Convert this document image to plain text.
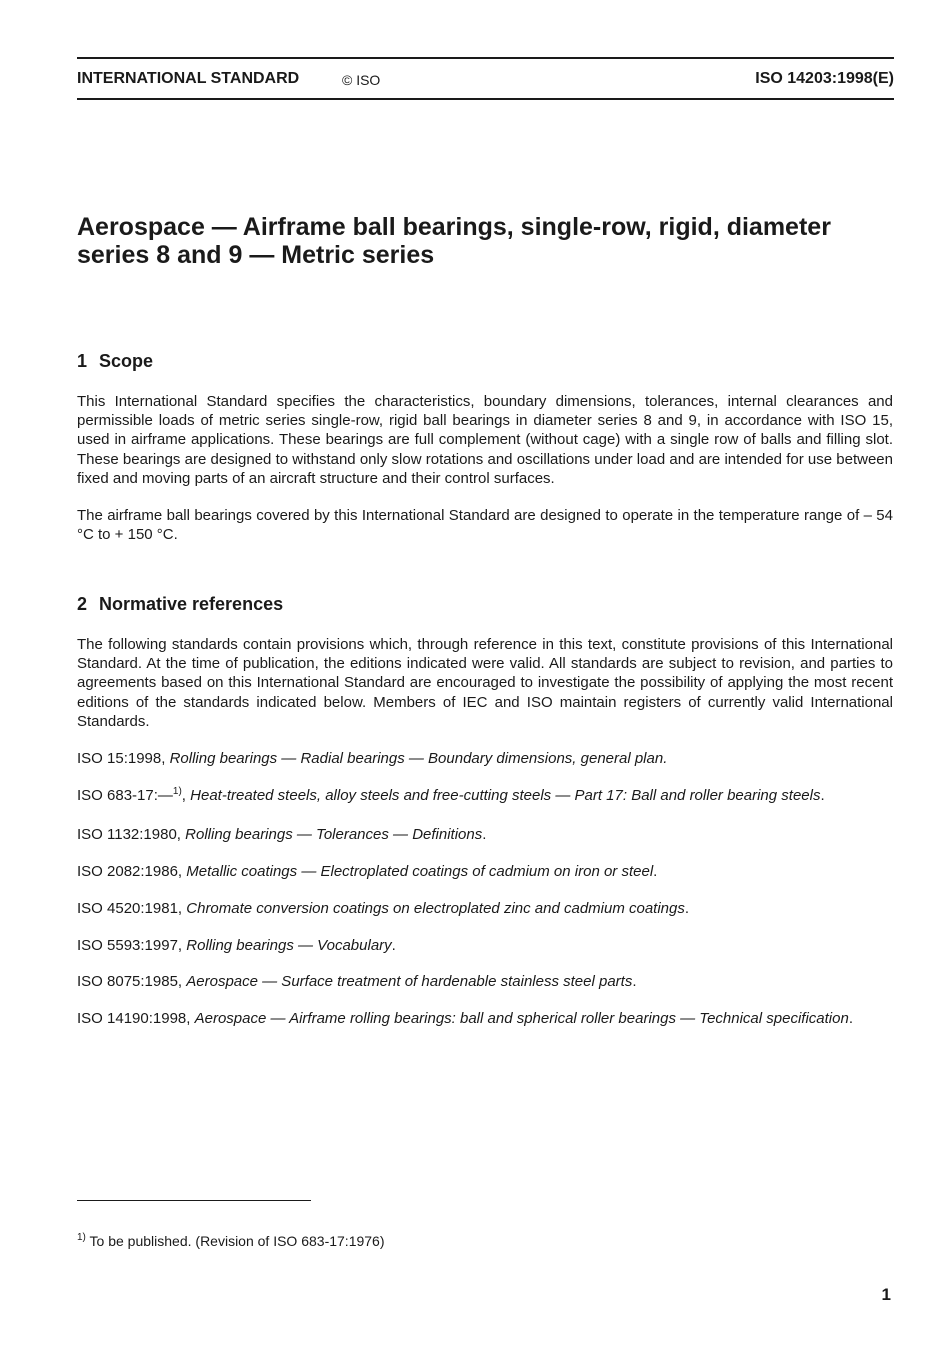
INTERNATIONAL STANDARD	© ISO	ISO 14203:1998(E)
Aerospace — Airframe ball bearings, single-row, rigid, diameter series 8 and 9 — Metric series
1 Scope

This International Standard specifies the characteristics, boundary dimensions, tolerances, internal clearances and permissible loads of metric series single-row, rigid ball bearings in diameter series 8 and 9, in accordance with ISO 15, used in airframe applications. These bearings are full complement (without cage) with a single row of balls and filling slot. These bearings are designed to withstand only slow rotations and oscillations under load and are intended for use between fixed and moving parts of an aircraft structure and their control surfaces.

The airframe ball bearings covered by this International Standard are designed to operate in the temperature range of – 54 °C to + 150 °C.

2 Normative references

The following standards contain provisions which, through reference in this text, constitute provisions of this International Standard. At the time of publication, the editions indicated were valid. All standards are subject to revision, and parties to agreements based on this International Standard are encouraged to investigate the possibility of applying the most recent editions of the standards indicated below. Members of IEC and ISO maintain registers of currently valid International Standards.

ISO 15:1998, Rolling bearings — Radial bearings — Boundary dimensions, general plan.

ISO 683-17:—$^{1)}$, Heat-treated steels, alloy steels and free-cutting steels — Part 17: Ball and roller bearing steels.

ISO 1132:1980, Rolling bearings — Tolerances — Definitions.

ISO 2082:1986, Metallic coatings — Electroplated coatings of cadmium on iron or steel.

ISO 4520:1981, Chromate conversion coatings on electroplated zinc and cadmium coatings.

ISO 5593:1997, Rolling bearings — Vocabulary.

ISO 8075:1985, Aerospace — Surface treatment of hardenable stainless steel parts.

ISO 14190:1998, Aerospace — Airframe rolling bearings: ball and spherical roller bearings — Technical specification.

$^{1)}$ To be published. (Revision of ISO 683-17:1976)
1
